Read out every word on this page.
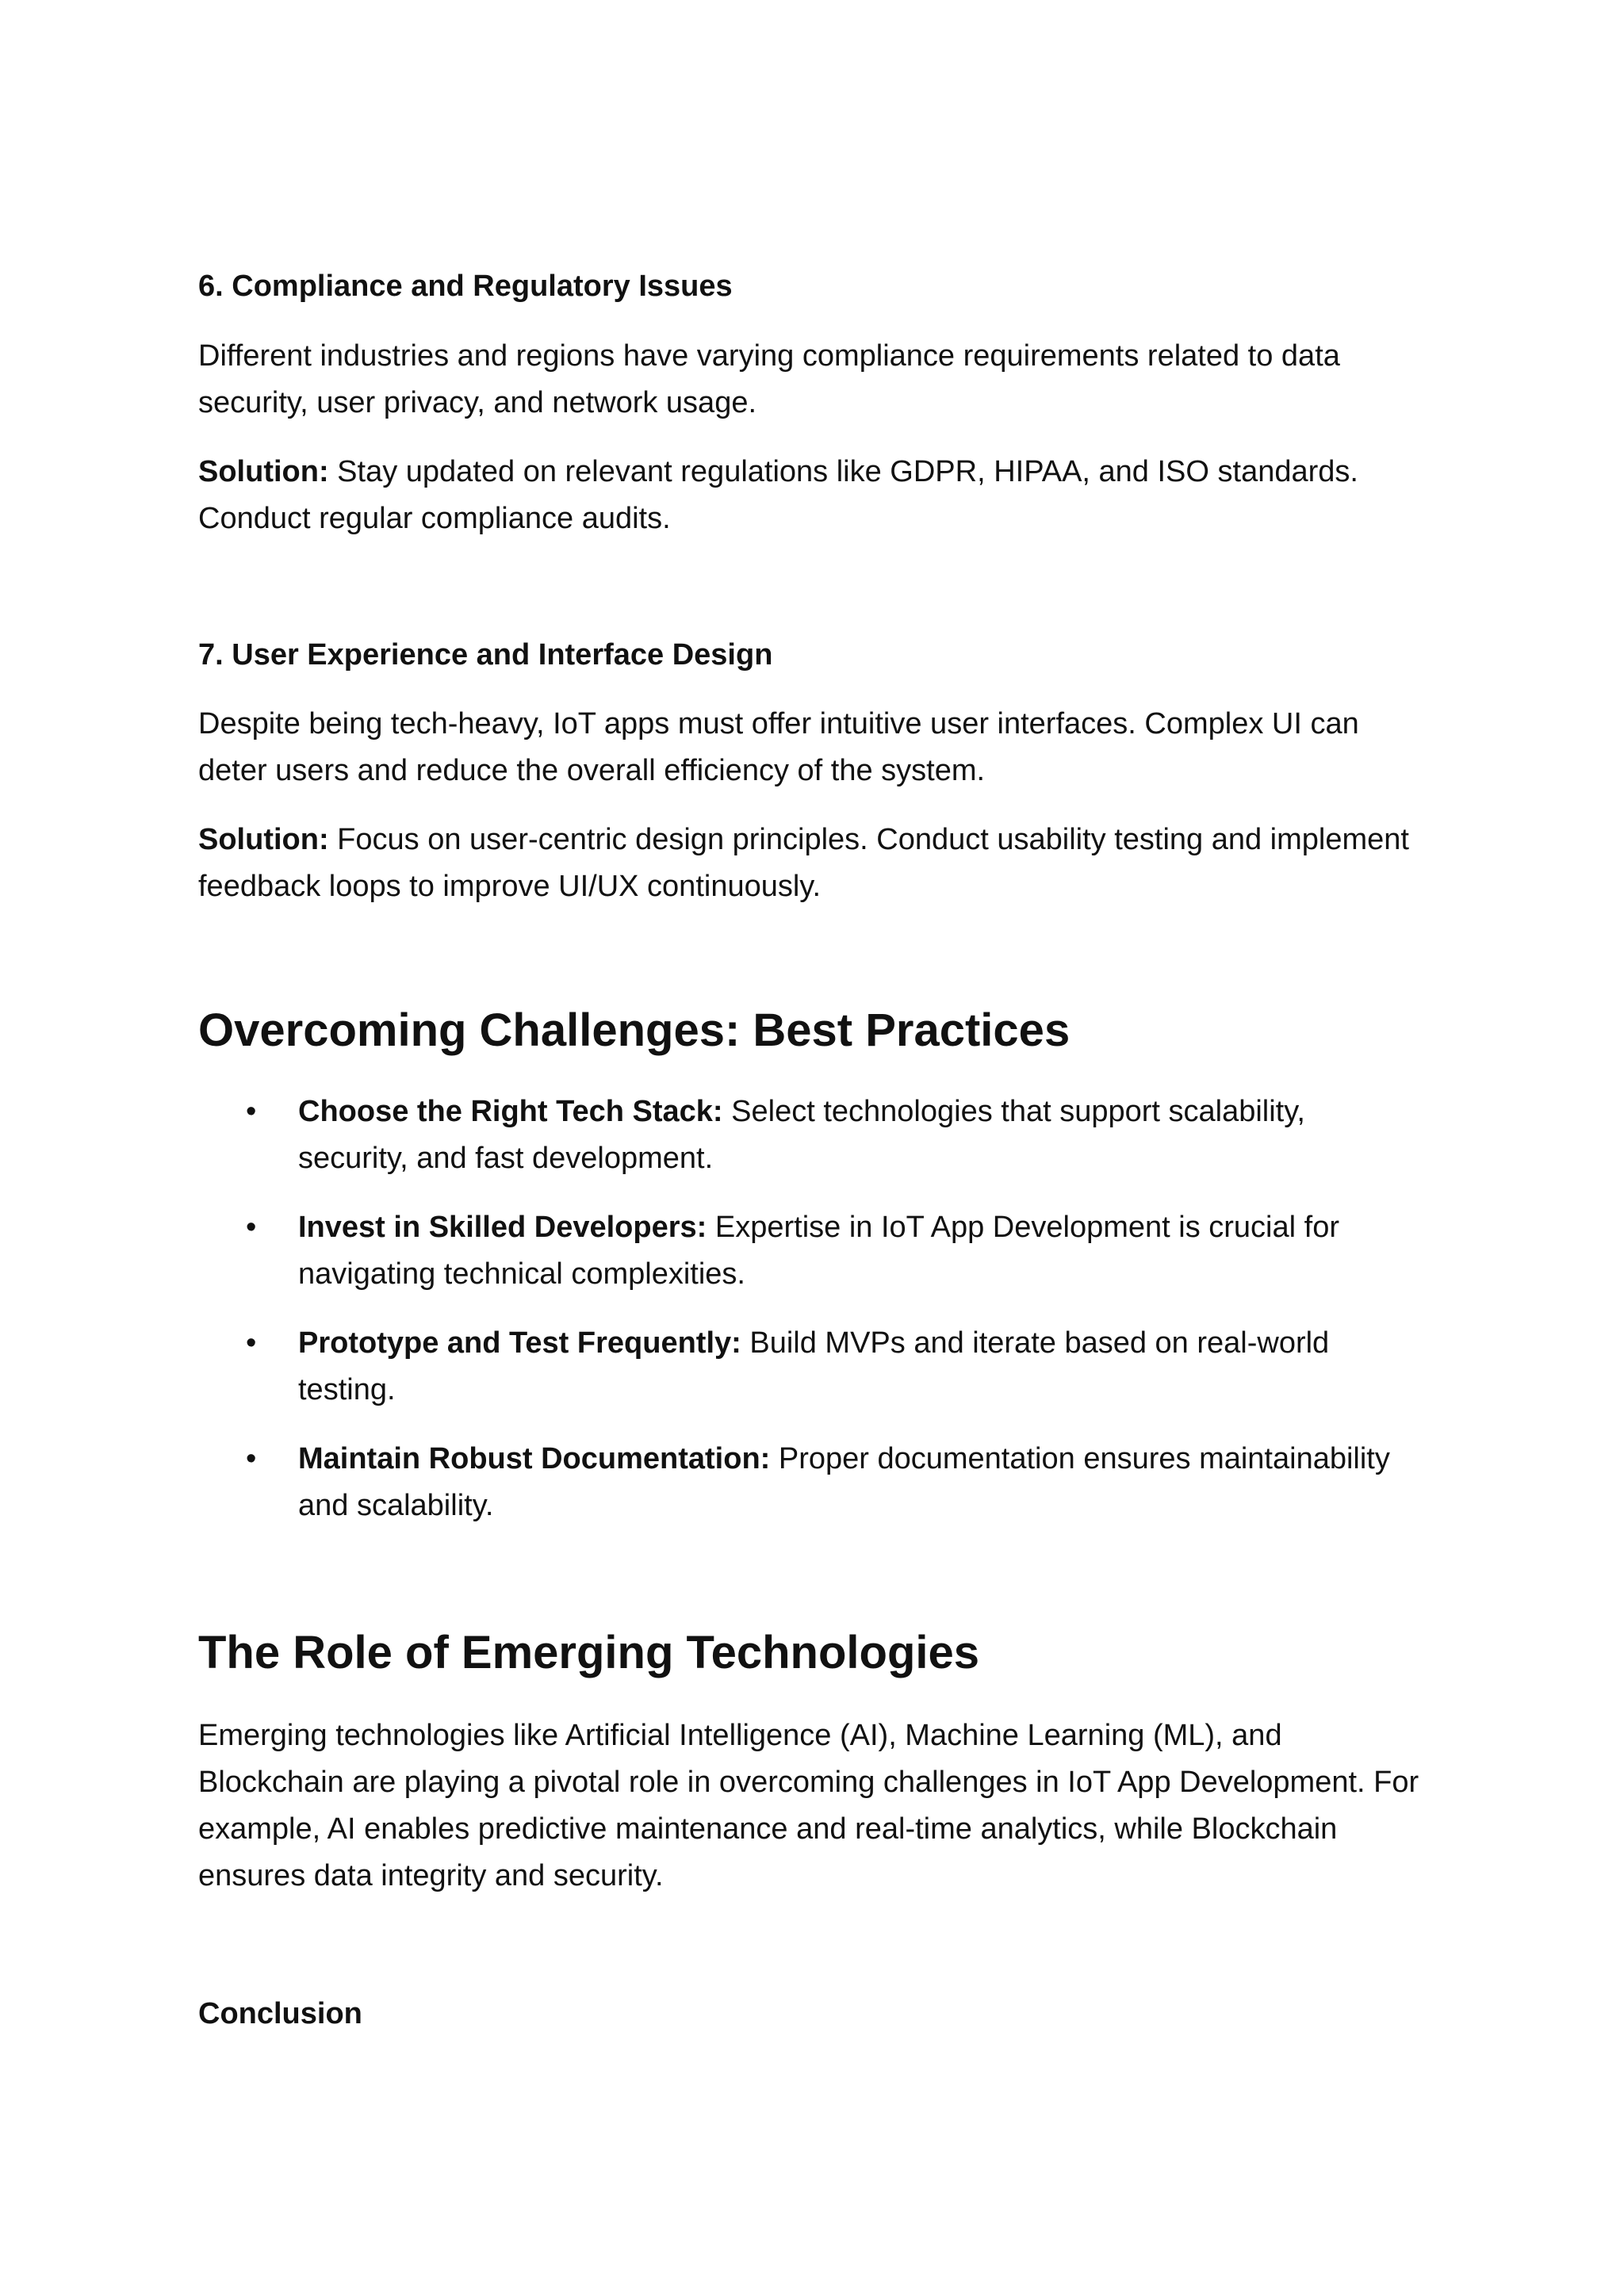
6. Compliance and Regulatory Issues

Different industries and regions have varying compliance requirements related to data security, user privacy, and network usage.

Solution: Stay updated on relevant regulations like GDPR, HIPAA, and ISO standards. Conduct regular compliance audits.

7. User Experience and Interface Design

Despite being tech-heavy, IoT apps must offer intuitive user interfaces. Complex UI can deter users and reduce the overall efficiency of the system.

Solution: Focus on user-centric design principles. Conduct usability testing and implement feedback loops to improve UI/UX continuously.

Overcoming Challenges: Best Practices
• Choose the Right Tech Stack: Select technologies that support scalability, security, and fast development.
• Invest in Skilled Developers: Expertise in IoT App Development is crucial for navigating technical complexities.
• Prototype and Test Frequently: Build MVPs and iterate based on real-world testing.
• Maintain Robust Documentation: Proper documentation ensures maintainability and scalability.
The Role of Emerging Technologies

Emerging technologies like Artificial Intelligence (AI), Machine Learning (ML), and Blockchain are playing a pivotal role in overcoming challenges in IoT App Development. For example, AI enables predictive maintenance and real-time analytics, while Blockchain ensures data integrity and security.

Conclusion
